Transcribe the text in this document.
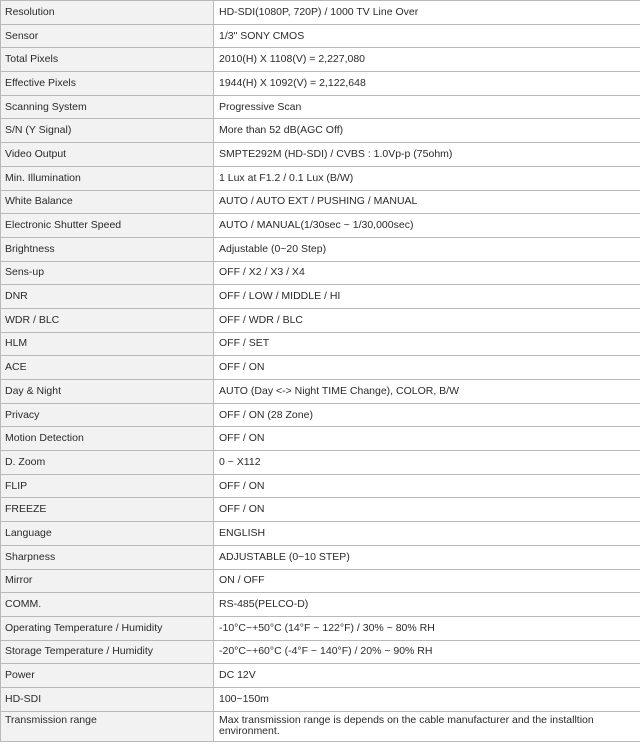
Resolution	HD-SDI(1080P, 720P) / 1000 TV Line Over
Sensor	1/3" SONY CMOS
Total Pixels	2010(H) X 1108(V) = 2,227,080
Effective Pixels	1944(H) X 1092(V) = 2,122,648
Scanning System	Progressive Scan
S/N (Y Signal)	More than 52 dB(AGC Off)
Video Output	SMPTE292M (HD-SDI) / CVBS : 1.0Vp-p (75ohm)
Min. Illumination	1 Lux at F1.2 / 0.1 Lux (B/W)
White Balance	AUTO / AUTO EXT / PUSHING / MANUAL
Electronic Shutter Speed	AUTO / MANUAL(1/30sec ~ 1/30,000sec)
Brightness	Adjustable (0~20 Step)
Sens-up	OFF / X2 / X3 / X4
DNR	OFF / LOW / MIDDLE / HI
WDR / BLC	OFF / WDR / BLC
HLM	OFF / SET
ACE	OFF / ON
Day & Night	AUTO (Day <-> Night TIME Change), COLOR, B/W
Privacy	OFF / ON (28 Zone)
Motion Detection	OFF / ON
D. Zoom	0 ~ X112
FLIP	OFF / ON
FREEZE	OFF / ON
Language	ENGLISH
Sharpness	ADJUSTABLE (0~10 STEP)
Mirror	ON / OFF
COMM.	RS-485(PELCO-D)
Operating Temperature / Humidity	-10°C~+50°C (14°F ~ 122°F) / 30% ~ 80% RH
Storage Temperature / Humidity	-20°C~+60°C (-4°F ~ 140°F) / 20% ~ 90% RH
Power	DC 12V
HD-SDI	100~150m
Transmission range	Max transmission range is depends on the cable manufacturer and the installtion environment.
